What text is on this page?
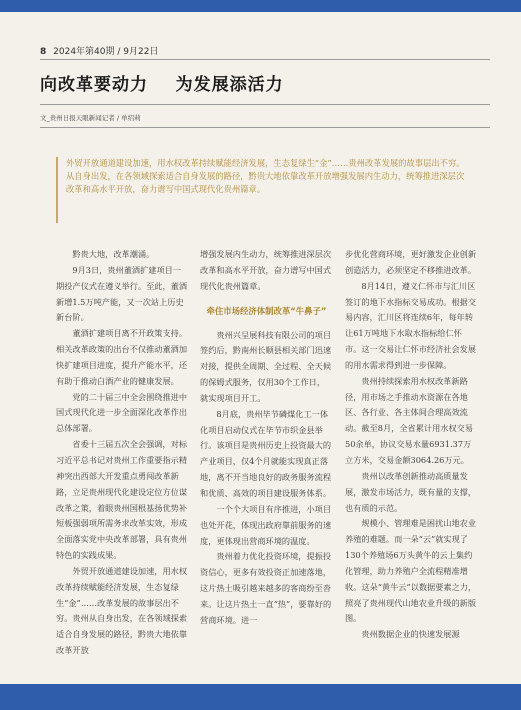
8 2024年第40期 / 9月22日
向改革要动力    为发展添活力
文_贵州日报天眼新闻记者 / 单绍莉
外贸开放通道建设加速，用水权改革持续赋能经济发展，生态复绿生“金”……贵州改革发展的故事层出不穷。从自身出发，在各领域探索适合自身发展的路径，黔贵大地依靠改革开放增强发展内生动力，统筹推进深层次改革和高水平开放，奋力谱写中国式现代化贵州篇章。

黔贵大地，改革潮涌。

9月3日，贵州董酒扩建项目一期投产仪式在遵义举行。至此，董酒新增1.5万吨产能，又一次站上历史新台阶。

董酒扩建项目离不开政策支持。相关改革政策的出台不仅推动董酒加快扩建项目进度，提升产能水平，还有助于推动白酒产业的健康发展。

党的二十届三中全会围绕推进中国式现代化进一步全面深化改革作出总体部署。

省委十三届五次全会强调，对标习近平总书记对贵州工作重要指示精神突出西部大开发重点勇闯改革新路，立足贵州现代化建设定位方位谋改革之策，着眼贵州国根基扬优势补短板强弱项所需务求改革实效，形成全面落实党中央改革部署，具有贵州特色的实践成果。

外贸开放通道建设加速，用水权改革持续赋能经济发展，生态复绿生“金”……改革发展的故事层出不穷。贵州从自身出发，在各领域探索适合自身发展的路径，黔贵大地依靠改革开放

增强发展内生动力，统筹推进深层次改革和高水平开放，奋力谱写中国式现代化贵州篇章。

牵住市场经济体制改革“牛鼻子”

贵州兴呈展科技有限公司的项目签约后，黔南州长顺县相关部门迅速对接，提供全周期、全过程、全天候的保姆式服务，仅用30个工作日，就实现项目开工。

8月底，贵州毕节磷煤化工一体化项目启动仪式在毕节市织金县举行。该项目是贵州历史上投资最大的产业项目，仅4个月就能实现真正落地，离不开当地良好的政务服务流程和优质、高效的项目建设服务体系。

一个个大项目有序推进，小项目也处开花，体现出政府靠前服务的速度，更体现出营商环境的温度。

贵州着力优化投资环境，提振投资信心，更多有效投资正加速落地，这片热土吸引越来越多的客商纷至沓来。让这片热土一直“热”，要靠好的营商环境。进一

步优化营商环境，更好激发企业创新创造活力，必须坚定不移推进改革。

8月14日，遵义仁怀市与汇川区签订的地下水指标交易成功。根据交易内容，汇川区将连续6年，每年转让61万吨地下水取水指标给仁怀市。这一交易让仁怀市经济社会发展的用水需求得到进一步保障。

贵州持续探索用水权改革新路径，用市场之手推动水资源在各地区、各行业、各主体间合理高效流动。截至8月，全省累计用水权交易50余单，协议交易水量6931.37万立方米，交易金额3064.26万元。

贵州以改革创新推动高质量发展，激发市场活力，既有量的支撑，也有质的示范。

规模小、管理难是困扰山地农业养殖的难题。而一朵“云”就实现了130个养殖场6万头黄牛的云上集约化管理，助力养殖户全流程精准增收。这朵“黄牛云”以数据要素之力，照亮了贵州现代山地农业升级的新版图。

贵州数据企业的快速发展源
